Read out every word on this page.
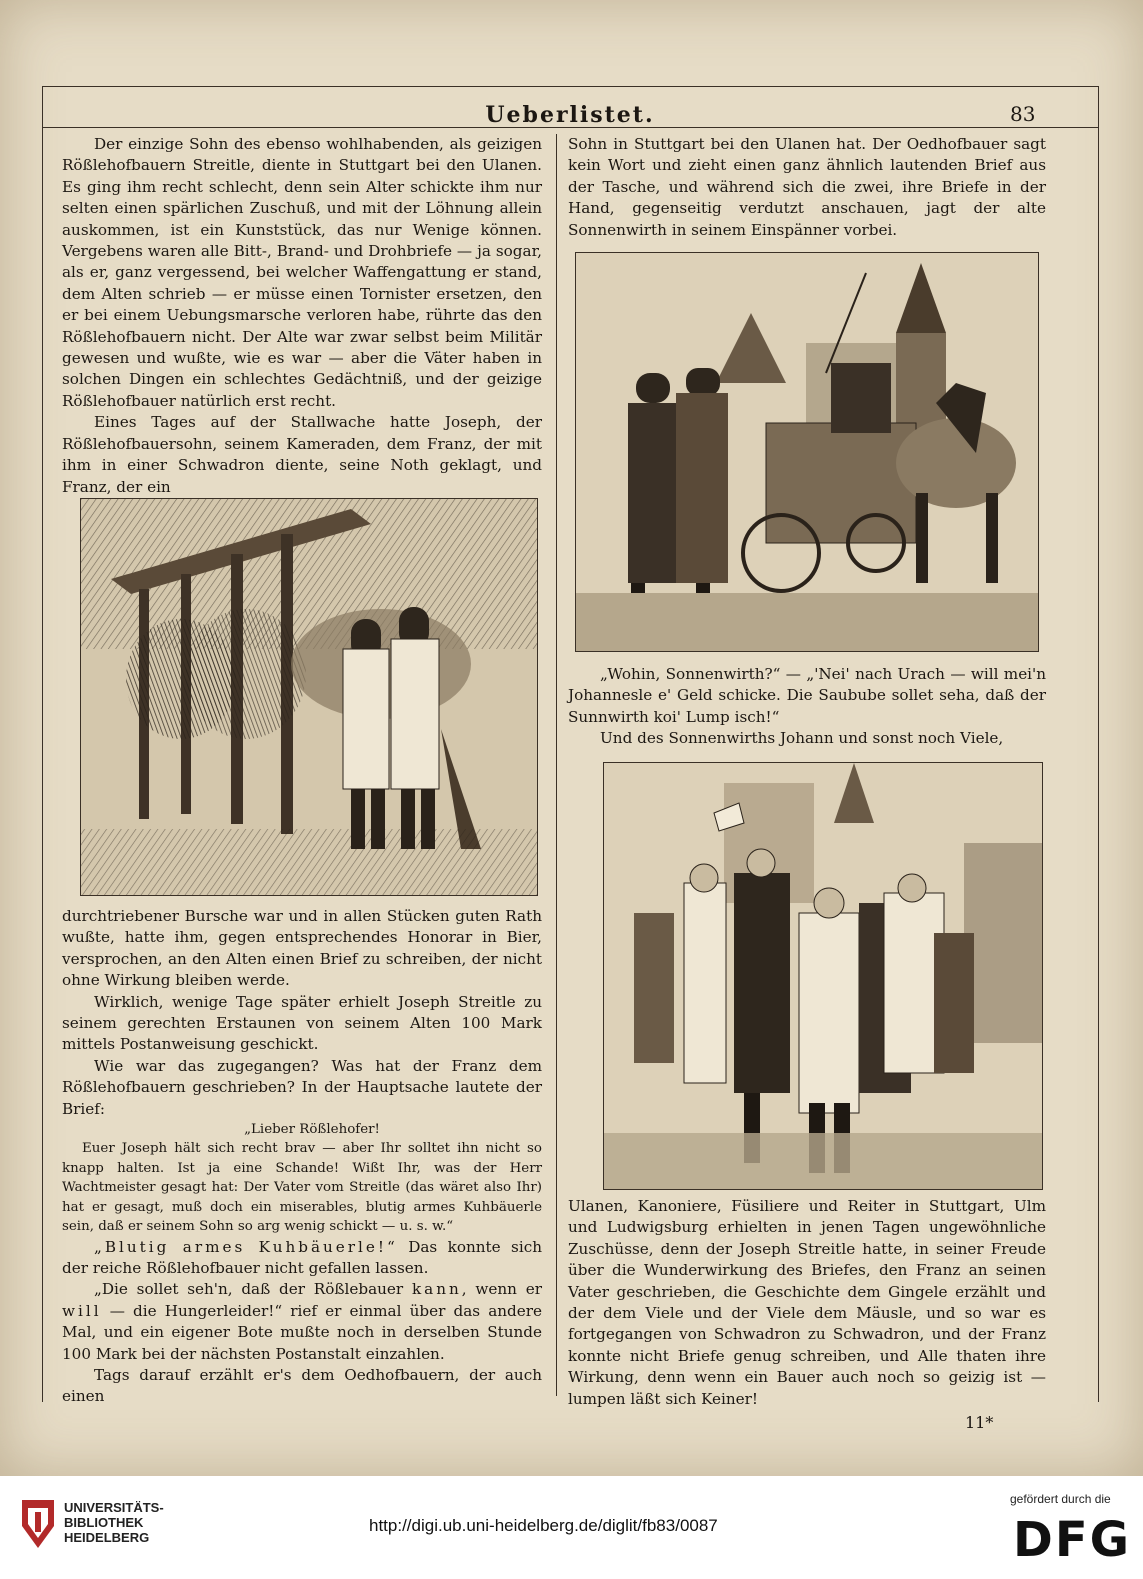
Ueberlistet.	83

Der einzige Sohn des ebenso wohlhabenden, als geizigen Rößlehofbauern Streitle, diente in Stuttgart bei den Ulanen. Es ging ihm recht schlecht, denn sein Alter schickte ihm nur selten einen spärlichen Zuschuß, und mit der Löhnung allein auskommen, ist ein Kunststück, das nur Wenige können. Vergebens waren alle Bitt-, Brand- und Drohbriefe — ja sogar, als er, ganz vergessend, bei welcher Waffengattung er stand, dem Alten schrieb — er müsse einen Tornister ersetzen, den er bei einem Uebungsmarsche verloren habe, rührte das den Rößlehofbauern nicht. Der Alte war zwar selbst beim Militär gewesen und wußte, wie es war — aber die Väter haben in solchen Dingen ein schlechtes Gedächtniß, und der geizige Rößlehofbauer natürlich erst recht.

Eines Tages auf der Stallwache hatte Joseph, der Rößlehofbauersohn, seinem Kameraden, dem Franz, der mit ihm in einer Schwadron diente, seine Noth geklagt, und Franz, der ein

durchtriebener Bursche war und in allen Stücken guten Rath wußte, hatte ihm, gegen entsprechendes Honorar in Bier, versprochen, an den Alten einen Brief zu schreiben, der nicht ohne Wirkung bleiben werde.

Wirklich, wenige Tage später erhielt Joseph Streitle zu seinem gerechten Erstaunen von seinem Alten 100 Mark mittels Postanweisung geschickt.

Wie war das zugegangen? Was hat der Franz dem Rößlehofbauern geschrieben? In der Hauptsache lautete der Brief:

„Lieber Rößlehofer!

Euer Joseph hält sich recht brav — aber Ihr solltet ihn nicht so knapp halten. Ist ja eine Schande! Wißt Ihr, was der Herr Wachtmeister gesagt hat: Der Vater vom Streitle (das wäret also Ihr) hat er gesagt, muß doch ein miserables, blutig armes Kuhbäuerle sein, daß er seinem Sohn so arg wenig schickt — u. s. w.“

„Blutig armes Kuhbäuerle!“ Das konnte sich der reiche Rößlehofbauer nicht gefallen lassen.

„Die sollet seh'n, daß der Rößlebauer kann, wenn er will — die Hungerleider!“ rief er einmal über das andere Mal, und ein eigener Bote mußte noch in derselben Stunde 100 Mark bei der nächsten Postanstalt einzahlen.

Tags darauf erzählt er's dem Oedhofbauern, der auch einen

Sohn in Stuttgart bei den Ulanen hat. Der Oedhofbauer sagt kein Wort und zieht einen ganz ähnlich lautenden Brief aus der Tasche, und während sich die zwei, ihre Briefe in der Hand, gegenseitig verdutzt anschauen, jagt der alte Sonnenwirth in seinem Einspänner vorbei.

„Wohin, Sonnenwirth?“ — „'Nei' nach Urach — will mei'n Johannesle e' Geld schicke. Die Saubube sollet seha, daß der Sunnwirth koi' Lump isch!“

Und des Sonnenwirths Johann und sonst noch Viele,

Ulanen, Kanoniere, Füsiliere und Reiter in Stuttgart, Ulm und Ludwigsburg erhielten in jenen Tagen ungewöhnliche Zuschüsse, denn der Joseph Streitle hatte, in seiner Freude über die Wunderwirkung des Briefes, den Franz an seinen Vater geschrieben, die Geschichte dem Gingele erzählt und der dem Viele und der Viele dem Mäusle, und so war es fortgegangen von Schwadron zu Schwadron, und der Franz konnte nicht Briefe genug schreiben, und Alle thaten ihre Wirkung, denn wenn ein Bauer auch noch so geizig ist — lumpen läßt sich Keiner!

11*
UNIVERSITÄTS-
BIBLIOTHEK
HEIDELBERG
http://digi.ub.uni-heidelberg.de/diglit/fb83/0087
gefördert durch die
DFG
